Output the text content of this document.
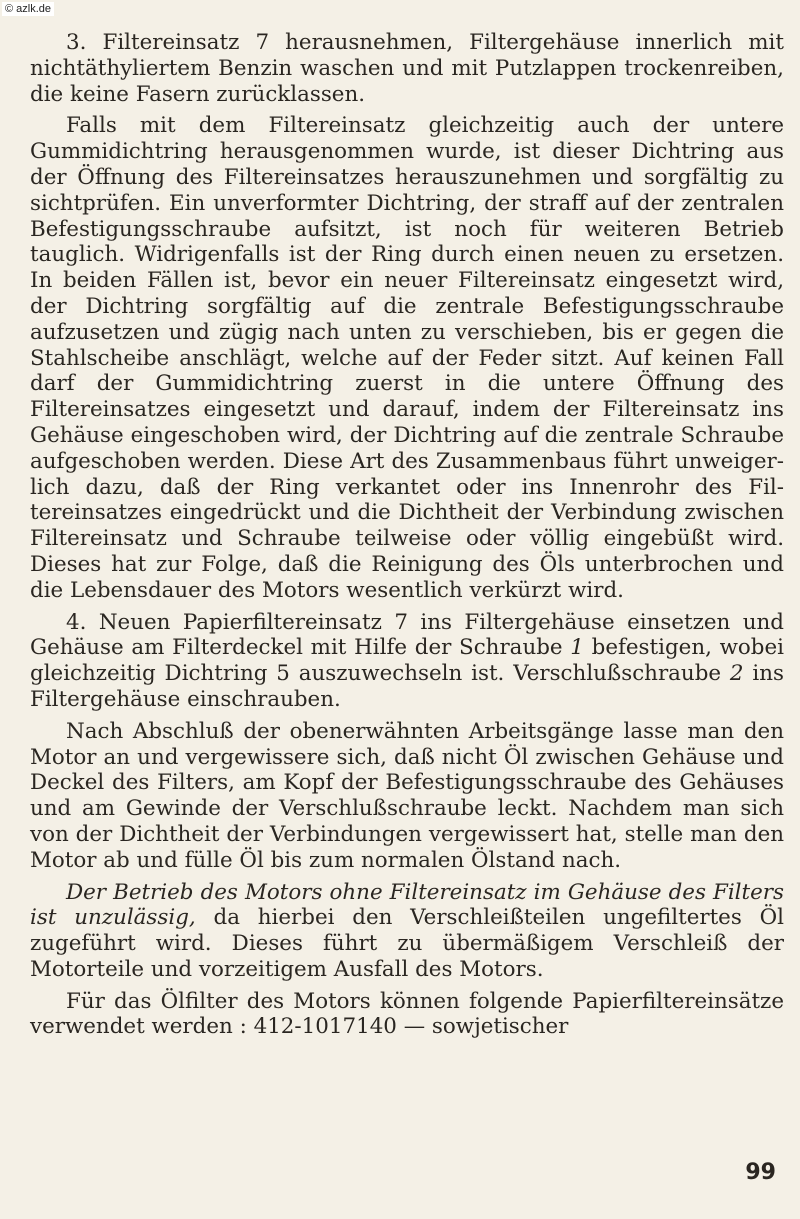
© azlk.de

3. Filtereinsatz 7 herausnehmen, Filtergehäuse innerlich mit nichtäthyliertem Benzin waschen und mit Putzlappen trockenreiben, die keine Fasern zurücklassen.

Falls mit dem Filtereinsatz gleichzeitig auch der untere Gummidichtring herausgenommen wurde, ist dieser Dichtring aus der Öffnung des Filtereinsatzes herauszunehmen und sorgfältig zu sichtprüfen. Ein unverformter Dichtring, der straff auf der zentralen Befestigungsschraube aufsitzt, ist noch für weiteren Betrieb tauglich. Widrigenfalls ist der Ring durch einen neuen zu ersetzen. In beiden Fällen ist, bevor ein neuer Filtereinsatz eingesetzt wird, der Dichtring sorgfältig auf die zentrale Befestigungsschraube aufzusetzen und zügig nach unten zu verschieben, bis er gegen die Stahlscheibe anschlägt, welche auf der Feder sitzt. Auf keinen Fall darf der Gummidichtring zuerst in die untere Öffnung des Filtereinsatzes eingesetzt und darauf, indem der Filtereinsatz ins Gehäuse eingeschoben wird, der Dichtring auf die zentrale Schraube aufgeschoben werden. Diese Art des Zusammenbaus führt unweigerlich dazu, daß der Ring verkantet oder ins Innenrohr des Filtereinsatzes eingedrückt und die Dichtheit der Verbindung zwischen Filtereinsatz und Schraube teilweise oder völlig eingebüßt wird. Dieses hat zur Folge, daß die Reinigung des Öls unterbrochen und die Lebensdauer des Motors wesentlich verkürzt wird.

4. Neuen Papierfiltereinsatz 7 ins Filtergehäuse einsetzen und Gehäuse am Filterdeckel mit Hilfe der Schraube 1 befestigen, wobei gleichzeitig Dichtring 5 auszuwechseln ist. Verschlußschraube 2 ins Filtergehäuse einschrauben.

Nach Abschluß der obenerwähnten Arbeitsgänge lasse man den Motor an und vergewissere sich, daß nicht Öl zwischen Gehäuse und Deckel des Filters, am Kopf der Befestigungsschraube des Gehäuses und am Gewinde der Verschlußschraube leckt. Nachdem man sich von der Dichtheit der Verbindungen vergewissert hat, stelle man den Motor ab und fülle Öl bis zum normalen Ölstand nach.

Der Betrieb des Motors ohne Filtereinsatz im Gehäuse des Filters ist unzulässig, da hierbei den Verschleißteilen ungefiltertes Öl zugeführt wird. Dieses führt zu übermäßigem Verschleiß der Motorteile und vorzeitigem Ausfall des Motors.

Für das Ölfilter des Motors können folgende Papierfiltereinsätze verwendet werden : 412-1017140 — sowjetischer

99
